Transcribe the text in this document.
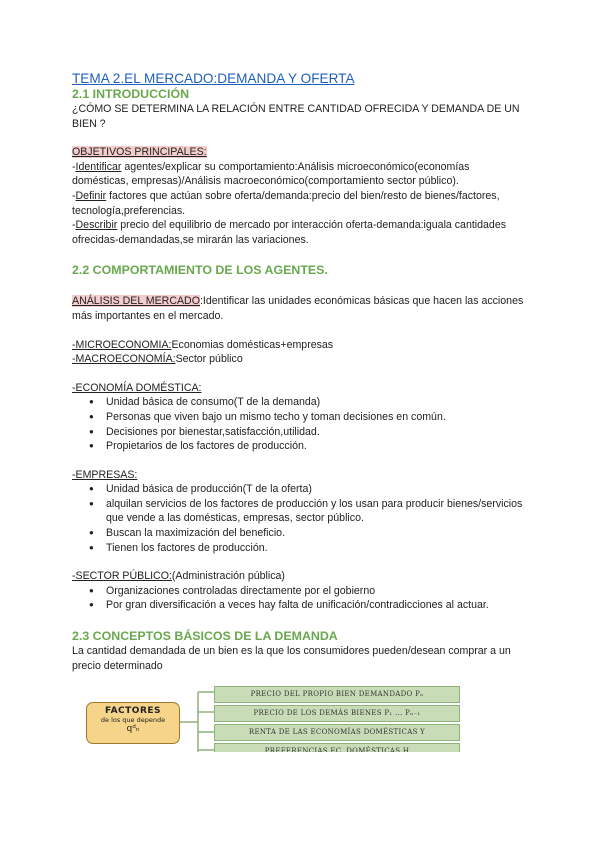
TEMA 2.EL MERCADO:DEMANDA Y OFERTA
2.1 INTRODUCCIÓN

¿CÓMO SE DETERMINA LA RELACIÓN ENTRE CANTIDAD OFRECIDA Y DEMANDA DE UN BIEN ?

OBJETIVOS PRINCIPALES:

-Identificar agentes/explicar su comportamiento:Análisis microeconómico(economías domésticas, empresas)/Análisis macroeconómico(comportamiento sector público).

-Definir factores que actúan sobre oferta/demanda:precio del bien/resto de bienes/factores, tecnología,preferencias.

-Describir precio del equilibrio de mercado por interacción oferta-demanda:iguala cantidades ofrecidas-demandadas,se mirarán las variaciones.

2.2 COMPORTAMIENTO DE LOS AGENTES.

ANÁLISIS DEL MERCADO:Identificar las unidades económicas básicas que hacen las acciones más importantes en el mercado.

-MICROECONOMIA:Economias domésticas+empresas

-MACROECONOMÍA:Sector público

-ECONOMÍA DOMÉSTICA:

● Unidad básica de consumo(T de la demanda)
● Personas que viven bajo un mismo techo y toman decisiones en común.
● Decisiones por bienestar,satisfacción,utilidad.
● Propietarios de los factores de producción.

-EMPRESAS:

● Unidad básica de producción(T de la oferta)
● alquilan servicios de los factores de producción y los usan para producir bienes/servicios que vende a las domésticas, empresas, sector público.
● Buscan la maximización del beneficio.
● Tienen los factores de producción.

-SECTOR PÚBLICO:(Administración pública)

● Organizaciones controladas directamente por el gobierno
● Por gran diversificación a veces hay falta de unificación/contradicciones al actuar.
2.3 CONCEPTOS BÁSICOS DE LA DEMANDA

La cantidad demandada de un bien es la que los consumidores pueden/desean comprar a un precio determinado

FACTORES
de los que depende
qᵈₙ
PRECIO DEL PROPIO BIEN DEMANDADO Pₙ
PRECIO DE LOS DEMÁS BIENES P₁ ... Pₙ₋₁
RENTA DE LAS ECONOMÍAS DOMÉSTICAS Y
PREFERENCIAS EC. DOMÉSTICAS H
